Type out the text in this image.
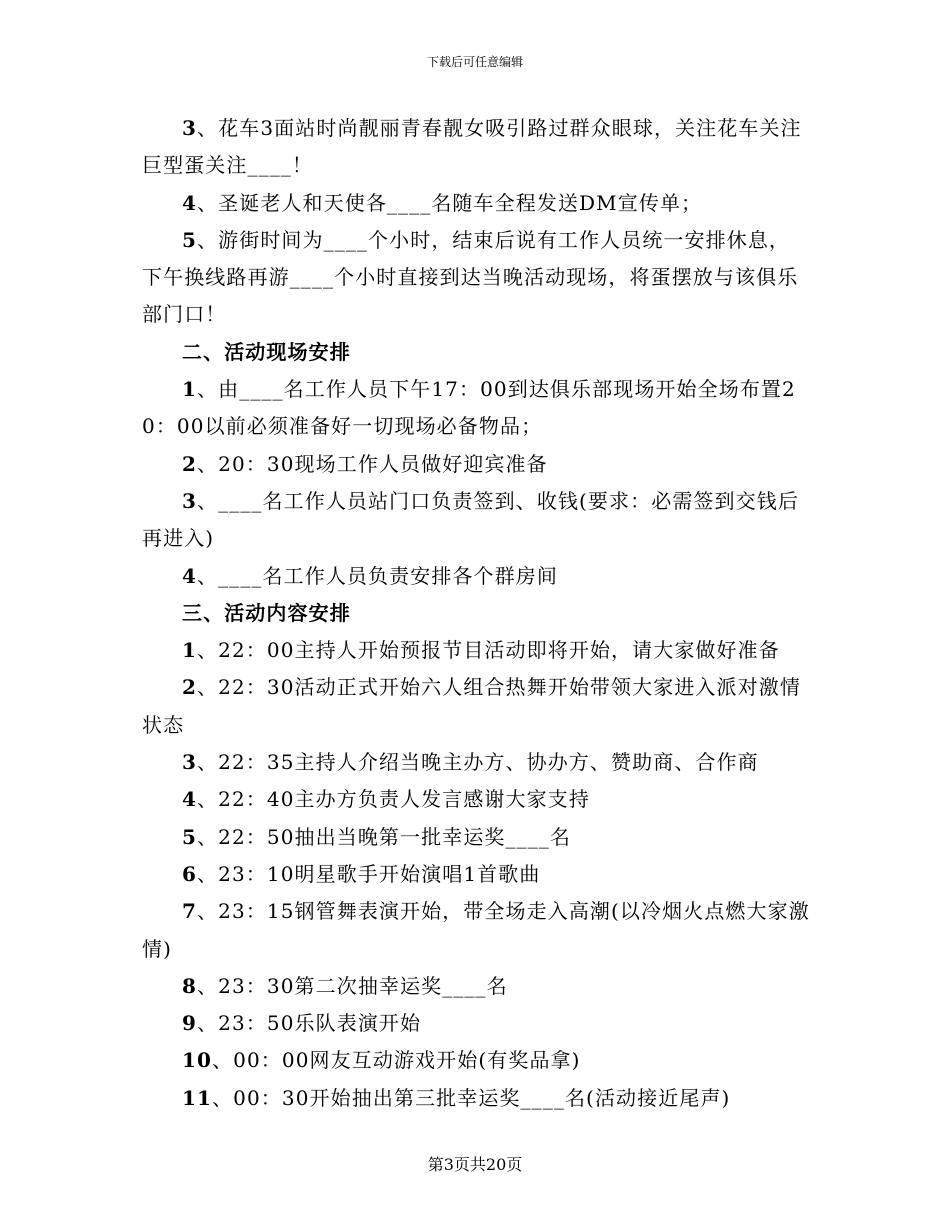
下载后可任意编辑

3、花车3面站时尚靓丽青春靓女吸引路过群众眼球，关注花车关注巨型蛋关注____！

4、圣诞老人和天使各____名随车全程发送DM宣传单；

5、游街时间为____个小时，结束后说有工作人员统一安排休息，下午换线路再游____个小时直接到达当晚活动现场，将蛋摆放与该俱乐部门口！

二、活动现场安排

1、由____名工作人员下午17：00到达俱乐部现场开始全场布置20：00以前必须准备好一切现场必备物品；

2、20：30现场工作人员做好迎宾准备

3、____名工作人员站门口负责签到、收钱(要求：必需签到交钱后再进入)

4、____名工作人员负责安排各个群房间

三、活动内容安排

1、22：00主持人开始预报节目活动即将开始，请大家做好准备

2、22：30活动正式开始六人组合热舞开始带领大家进入派对激情状态

3、22：35主持人介绍当晚主办方、协办方、赞助商、合作商

4、22：40主办方负责人发言感谢大家支持

5、22：50抽出当晚第一批幸运奖____名

6、23：10明星歌手开始演唱1首歌曲

7、23：15钢管舞表演开始，带全场走入高潮(以冷烟火点燃大家激情)

8、23：30第二次抽幸运奖____名

9、23：50乐队表演开始

10、00：00网友互动游戏开始(有奖品拿)

11、00：30开始抽出第三批幸运奖____名(活动接近尾声)

第3页共20页
